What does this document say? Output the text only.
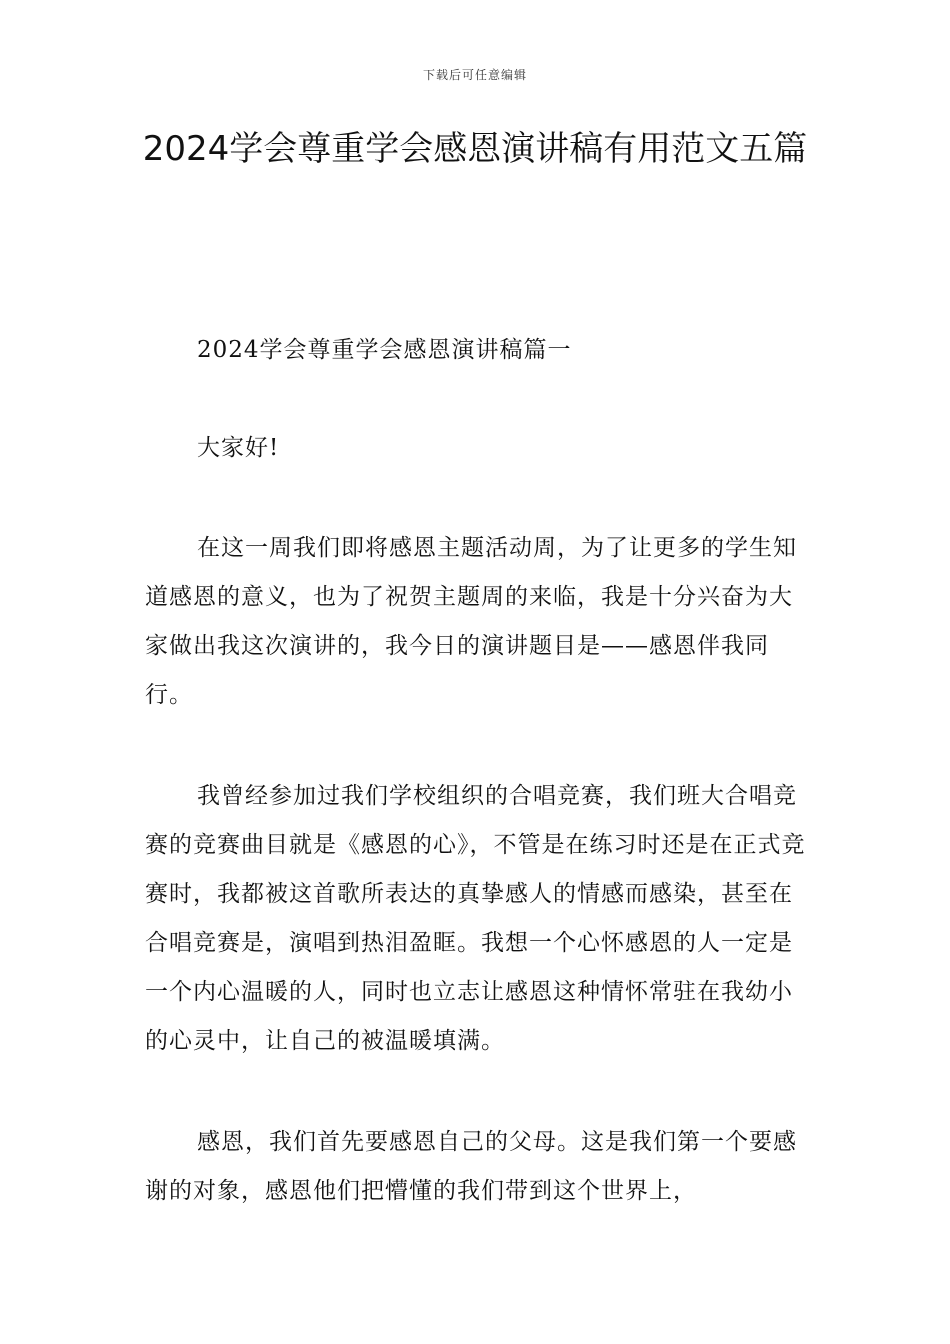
下载后可任意编辑
2024学会尊重学会感恩演讲稿有用范文五篇
2024学会尊重学会感恩演讲稿篇一
大家好!
在这一周我们即将感恩主题活动周，为了让更多的学生知道感恩的意义，也为了祝贺主题周的来临，我是十分兴奋为大家做出我这次演讲的，我今日的演讲题目是——感恩伴我同行。
我曾经参加过我们学校组织的合唱竞赛，我们班大合唱竞赛的竞赛曲目就是《感恩的心》，不管是在练习时还是在正式竞赛时，我都被这首歌所表达的真挚感人的情感而感染，甚至在合唱竞赛是，演唱到热泪盈眶。我想一个心怀感恩的人一定是一个内心温暖的人，同时也立志让感恩这种情怀常驻在我幼小的心灵中，让自己的被温暖填满。
感恩，我们首先要感恩自己的父母。这是我们第一个要感谢的对象，感恩他们把懵懂的我们带到这个世界上，
